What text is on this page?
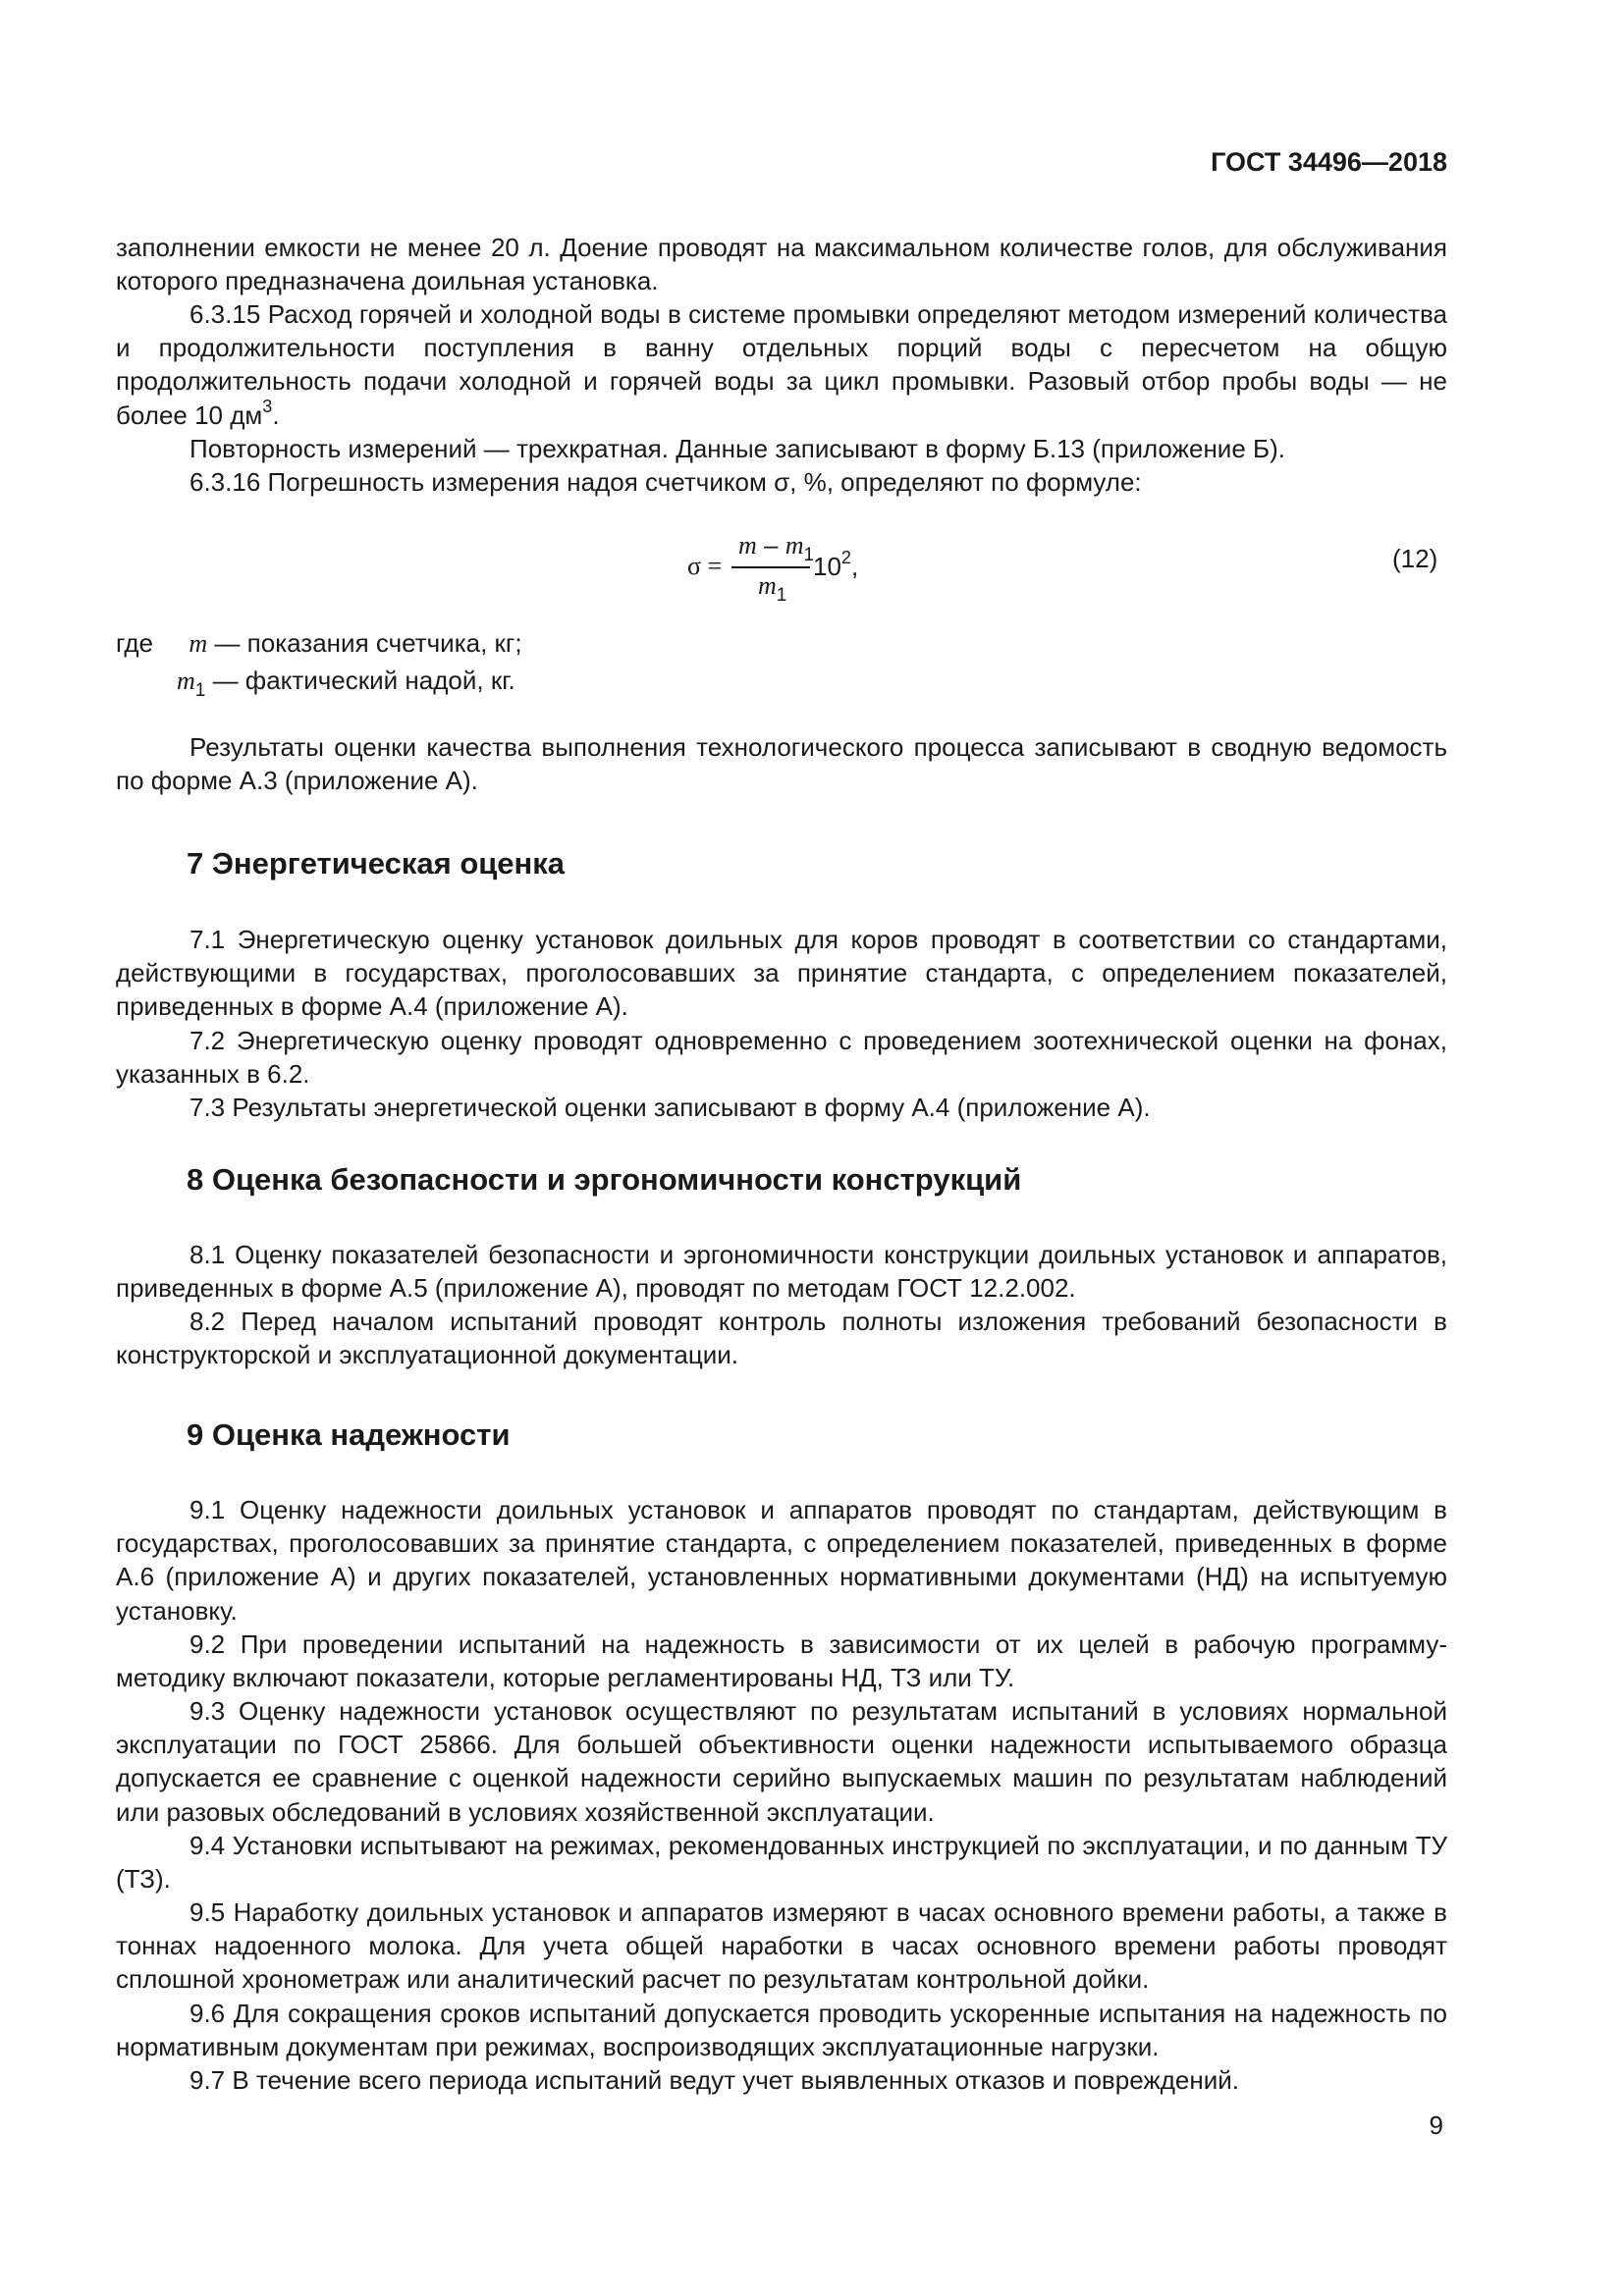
ГОСТ 34496—2018

заполнении емкости не менее 20 л. Доение проводят на максимальном количестве голов, для обслуживания которого предназначена доильная установка.

6.3.15 Расход горячей и холодной воды в системе промывки определяют методом измерений количества и продолжительности поступления в ванну отдельных порций воды с пересчетом на общую продолжительность подачи холодной и горячей воды за цикл промывки. Разовый отбор пробы воды — не более 10 $дм^3$.

Повторность измерений — трехкратная. Данные записывают в форму Б.13 (приложение Б).

6.3.16 Погрешность измерения надоя счетчиком σ, %, определяют по формуле:

σ =
m – $m_1$
$m_1$
$10^2$,	(12)
где m — показания счетчика, кг;
$m_1$ — фактический надой, кг.

Результаты оценки качества выполнения технологического процесса записывают в сводную ведомость по форме А.3 (приложение А).

7 Энергетическая оценка

7.1 Энергетическую оценку установок доильных для коров проводят в соответствии со стандартами, действующими в государствах, проголосовавших за принятие стандарта, с определением показателей, приведенных в форме А.4 (приложение А).

7.2 Энергетическую оценку проводят одновременно с проведением зоотехнической оценки на фонах, указанных в 6.2.

7.3 Результаты энергетической оценки записывают в форму А.4 (приложение А).

8 Оценка безопасности и эргономичности конструкций

8.1 Оценку показателей безопасности и эргономичности конструкции доильных установок и аппаратов, приведенных в форме А.5 (приложение А), проводят по методам ГОСТ 12.2.002.

8.2 Перед началом испытаний проводят контроль полноты изложения требований безопасности в конструкторской и эксплуатационной документации.

9 Оценка надежности

9.1 Оценку надежности доильных установок и аппаратов проводят по стандартам, действующим в государствах, проголосовавших за принятие стандарта, с определением показателей, приведенных в форме А.6 (приложение А) и других показателей, установленных нормативными документами (НД) на испытуемую установку.

9.2 При проведении испытаний на надежность в зависимости от их целей в рабочую программу-методику включают показатели, которые регламентированы НД, ТЗ или ТУ.

9.3 Оценку надежности установок осуществляют по результатам испытаний в условиях нормальной эксплуатации по ГОСТ 25866. Для большей объективности оценки надежности испытываемого образца допускается ее сравнение с оценкой надежности серийно выпускаемых машин по результатам наблюдений или разовых обследований в условиях хозяйственной эксплуатации.

9.4 Установки испытывают на режимах, рекомендованных инструкцией по эксплуатации, и по данным ТУ (ТЗ).

9.5 Наработку доильных установок и аппаратов измеряют в часах основного времени работы, а также в тоннах надоенного молока. Для учета общей наработки в часах основного времени работы проводят сплошной хронометраж или аналитический расчет по результатам контрольной дойки.

9.6 Для сокращения сроков испытаний допускается проводить ускоренные испытания на надежность по нормативным документам при режимах, воспроизводящих эксплуатационные нагрузки.

9.7 В течение всего периода испытаний ведут учет выявленных отказов и повреждений.

9
